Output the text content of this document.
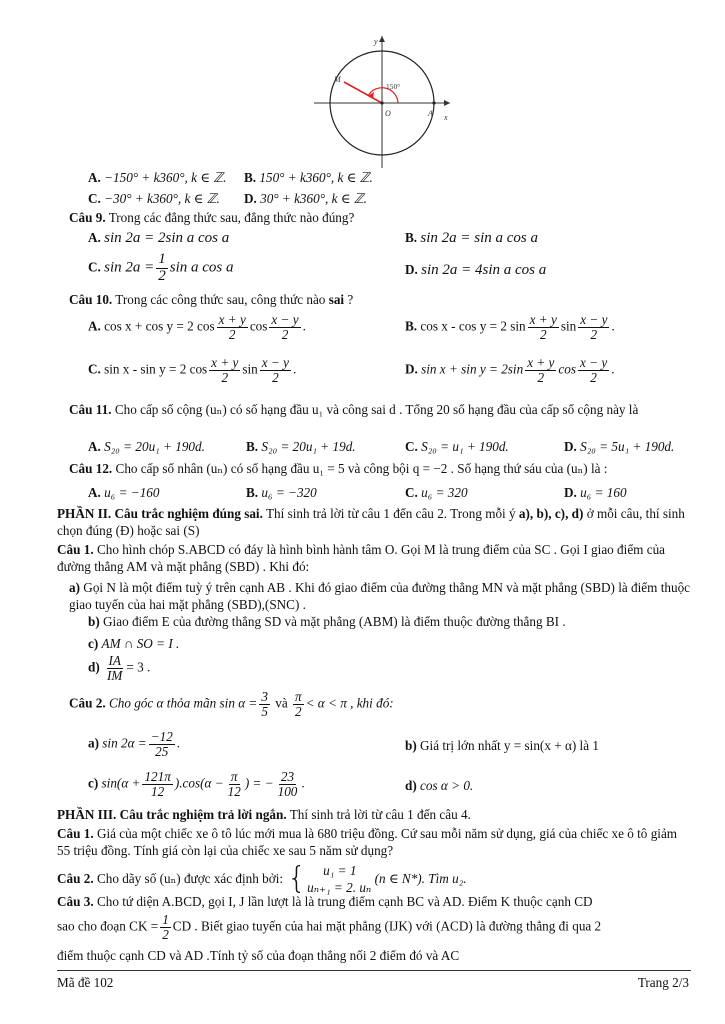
y
x
M
O	A
150°
A. −150° + k360°, k ∈ ℤ. B. 150° + k360°, k ∈ ℤ.
C. −30° + k360°, k ∈ ℤ. D. 30° + k360°, k ∈ ℤ.
Câu 9. Trong các đẳng thức sau, đẳng thức nào đúng?
A. sin 2a = 2sin a cos a	B. sin 2a = sin a cos a
C. $\sin 2a = \frac{1}{2}$ sin a cos a	D. sin 2a = 4sin a cos a
Câu 10. Trong các công thức sau, công thức nào sai ?
A. cos x + cos y = 2 $\cos \frac{x + y}{2}$ $\cos \frac{x - y}{2}$ .	B. cos x - cos y = 2 $\sin \frac{x + y}{2}$ $\sin \frac{x - y}{2}$ .
C. sin x - sin y = 2 $\cos \frac{x + y}{2}$ $\sin \frac{x - y}{2}$ .	D. $\sin x + \sin y = 2\sin \frac{x + y}{2}$ $\cos \frac{x - y}{2}$ .
Câu 11. Cho cấp số cộng (uₙ) có số hạng đầu u₁ và công sai d . Tổng 20 số hạng đầu của cấp số cộng này là
A. S₂₀ = 20u₁ + 190d.	B. S₂₀ = 20u₁ + 19d.	C. S₂₀ = u₁ + 190d.	D. S₂₀ = 5u₁ + 190d.
Câu 12. Cho cấp số nhân (uₙ) có số hạng đầu u₁ = 5 và công bội q = −2 . Số hạng thứ sáu của (uₙ) là :
A. u₆ = −160	B. u₆ = −320	C. u₆ = 320	D. u₆ = 160
PHẦN II. Câu trắc nghiệm đúng sai. Thí sinh trả lời từ câu 1 đến câu 2. Trong mỗi ý a), b), c), d) ở mỗi câu, thí sinh chọn đúng (Đ) hoặc sai (S)
Câu 1. Cho hình chóp S.ABCD có đáy là hình bình hành tâm O. Gọi M là trung điểm của SC . Gọi I giao điểm của đường thẳng AM và mặt phẳng (SBD) . Khi đó:
a) Gọi N là một điểm tuỳ ý trên cạnh AB . Khi đó giao điểm của đường thẳng MN và mặt phẳng (SBD) là điểm thuộc giao tuyến của hai mặt phẳng (SBD),(SNC) .
b) Giao điểm E của đường thẳng SD và mặt phẳng (ABM) là điểm thuộc đường thẳng BI .
c) AM ∩ SO = I .
$d) \frac{IA}{IM} = 3$ .
Câu 2. Cho góc α thỏa mãn $\sin \alpha = \frac{3}{5}$ và $\frac{\pi}{2} < \alpha < \pi$ , khi đó:
a) $\sin 2\alpha = \frac{-12}{25}$ .	b) Giá trị lớn nhất y = sin(x + α) là 1
c) $\sin(\alpha + \frac{121\pi}{12} ).\cos(\alpha - \frac{\pi}{12}$ ) = − $\frac{23}{100}$ .	d) cos α > 0.
PHẦN III. Câu trắc nghiệm trả lời ngắn. Thí sinh trả lời từ câu 1 đến câu 4.
Câu 1. Giá của một chiếc xe ô tô lúc mới mua là 680 triệu đồng. Cứ sau mỗi năm sử dụng, giá của chiếc xe ô tô giảm 55 triệu đồng. Tính giá còn lại của chiếc xe sau 5 năm sử dụng?
Câu 2.
Cho dãy số (uₙ) được xác định bởi: {	u₁ = 1
uₙ₊₁ = 2. uₙ

(n ∈ N*). Tìm u₂.
Câu 3. Cho tứ diện A.BCD, gọi I, J lần lượt là là trung điểm cạnh BC và AD. Điểm K thuộc cạnh CD
sao cho đoạn CK = $\frac{1}{2}$ CD . Biết giao tuyến của hai mặt phẳng (IJK) với (ACD) là đường thẳng đi qua 2
điểm thuộc cạnh CD và AD .Tính tỷ số của đoạn thẳng nối 2 điểm đó và AC
Mã đề 102	Trang 2/3
